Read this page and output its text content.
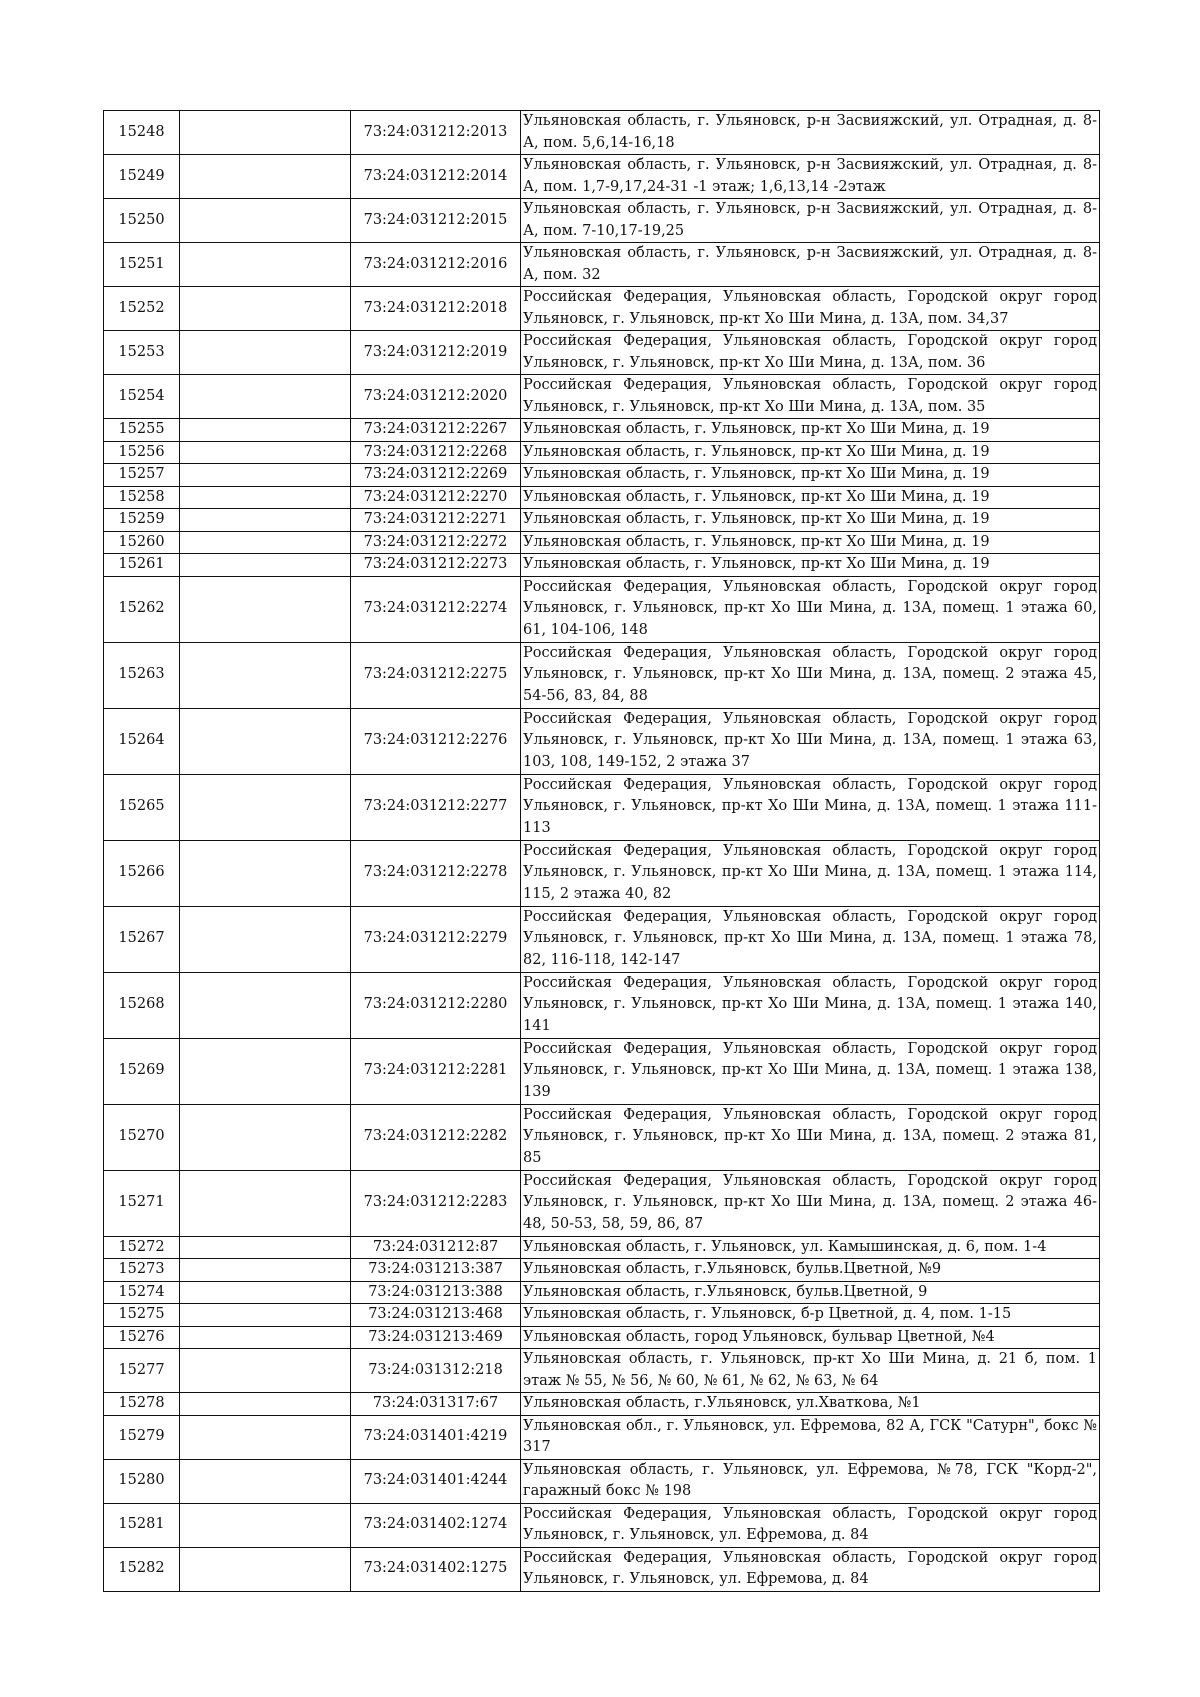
15248		73:24:031212:2013	Ульяновская область, г. Ульяновск, р-н Засвияжский, ул. Отрадная, д. 8-А, пом. 5,6,14-16,18
15249		73:24:031212:2014	Ульяновская область, г. Ульяновск, р-н Засвияжский, ул. Отрадная, д. 8-А, пом. 1,7-9,17,24-31 -1 этаж; 1,6,13,14 -2этаж
15250		73:24:031212:2015	Ульяновская область, г. Ульяновск, р-н Засвияжский, ул. Отрадная, д. 8-А, пом. 7-10,17-19,25
15251		73:24:031212:2016	Ульяновская область, г. Ульяновск, р-н Засвияжский, ул. Отрадная, д. 8-А, пом. 32
15252		73:24:031212:2018	Российская Федерация, Ульяновская область, Городской округ город Ульяновск, г. Ульяновск, пр-кт Хо Ши Мина, д. 13А, пом. 34,37
15253		73:24:031212:2019	Российская Федерация, Ульяновская область, Городской округ город Ульяновск, г. Ульяновск, пр-кт Хо Ши Мина, д. 13А, пом. 36
15254		73:24:031212:2020	Российская Федерация, Ульяновская область, Городской округ город Ульяновск, г. Ульяновск, пр-кт Хо Ши Мина, д. 13А, пом. 35
15255		73:24:031212:2267	Ульяновская область, г. Ульяновск, пр-кт Хо Ши Мина, д. 19
15256		73:24:031212:2268	Ульяновская область, г. Ульяновск, пр-кт Хо Ши Мина, д. 19
15257		73:24:031212:2269	Ульяновская область, г. Ульяновск, пр-кт Хо Ши Мина, д. 19
15258		73:24:031212:2270	Ульяновская область, г. Ульяновск, пр-кт Хо Ши Мина, д. 19
15259		73:24:031212:2271	Ульяновская область, г. Ульяновск, пр-кт Хо Ши Мина, д. 19
15260		73:24:031212:2272	Ульяновская область, г. Ульяновск, пр-кт Хо Ши Мина, д. 19
15261		73:24:031212:2273	Ульяновская область, г. Ульяновск, пр-кт Хо Ши Мина, д. 19
15262		73:24:031212:2274	Российская Федерация, Ульяновская область, Городской округ город Ульяновск, г. Ульяновск, пр-кт Хо Ши Мина, д. 13А, помещ. 1 этажа 60, 61, 104-106, 148
15263		73:24:031212:2275	Российская Федерация, Ульяновская область, Городской округ город Ульяновск, г. Ульяновск, пр-кт Хо Ши Мина, д. 13А, помещ. 2 этажа 45, 54-56, 83, 84, 88
15264		73:24:031212:2276	Российская Федерация, Ульяновская область, Городской округ город Ульяновск, г. Ульяновск, пр-кт Хо Ши Мина, д. 13А, помещ. 1 этажа 63, 103, 108, 149-152, 2 этажа 37
15265		73:24:031212:2277	Российская Федерация, Ульяновская область, Городской округ город Ульяновск, г. Ульяновск, пр-кт Хо Ши Мина, д. 13А, помещ. 1 этажа 111-113
15266		73:24:031212:2278	Российская Федерация, Ульяновская область, Городской округ город Ульяновск, г. Ульяновск, пр-кт Хо Ши Мина, д. 13А, помещ. 1 этажа 114, 115, 2 этажа 40, 82
15267		73:24:031212:2279	Российская Федерация, Ульяновская область, Городской округ город Ульяновск, г. Ульяновск, пр-кт Хо Ши Мина, д. 13А, помещ. 1 этажа 78, 82, 116-118, 142-147
15268		73:24:031212:2280	Российская Федерация, Ульяновская область, Городской округ город Ульяновск, г. Ульяновск, пр-кт Хо Ши Мина, д. 13А, помещ. 1 этажа 140, 141
15269		73:24:031212:2281	Российская Федерация, Ульяновская область, Городской округ город Ульяновск, г. Ульяновск, пр-кт Хо Ши Мина, д. 13А, помещ. 1 этажа 138, 139
15270		73:24:031212:2282	Российская Федерация, Ульяновская область, Городской округ город Ульяновск, г. Ульяновск, пр-кт Хо Ши Мина, д. 13А, помещ. 2 этажа 81, 85
15271		73:24:031212:2283	Российская Федерация, Ульяновская область, Городской округ город Ульяновск, г. Ульяновск, пр-кт Хо Ши Мина, д. 13А, помещ. 2 этажа 46-48, 50-53, 58, 59, 86, 87
15272		73:24:031212:87	Ульяновская область, г. Ульяновск, ул. Камышинская, д. 6, пом. 1-4
15273		73:24:031213:387	Ульяновская область, г.Ульяновск, бульв.Цветной, №9
15274		73:24:031213:388	Ульяновская область, г.Ульяновск, бульв.Цветной, 9
15275		73:24:031213:468	Ульяновская область, г. Ульяновск, б-р Цветной, д. 4, пом. 1-15
15276		73:24:031213:469	Ульяновская область, город Ульяновск, бульвар Цветной, №4
15277		73:24:031312:218	Ульяновская область, г. Ульяновск, пр-кт Хо Ши Мина, д. 21 б, пом. 1 этаж № 55, № 56, № 60, № 61, № 62, № 63, № 64
15278		73:24:031317:67	Ульяновская область, г.Ульяновск, ул.Хваткова, №1
15279		73:24:031401:4219	Ульяновская обл., г. Ульяновск, ул. Ефремова, 82 А, ГСК "Сатурн", бокс № 317
15280		73:24:031401:4244	Ульяновская область, г. Ульяновск, ул. Ефремова, №78, ГСК "Корд-2", гаражный бокс № 198
15281		73:24:031402:1274	Российская Федерация, Ульяновская область, Городской округ город Ульяновск, г. Ульяновск, ул. Ефремова, д. 84
15282		73:24:031402:1275	Российская Федерация, Ульяновская область, Городской округ город Ульяновск, г. Ульяновск, ул. Ефремова, д. 84
